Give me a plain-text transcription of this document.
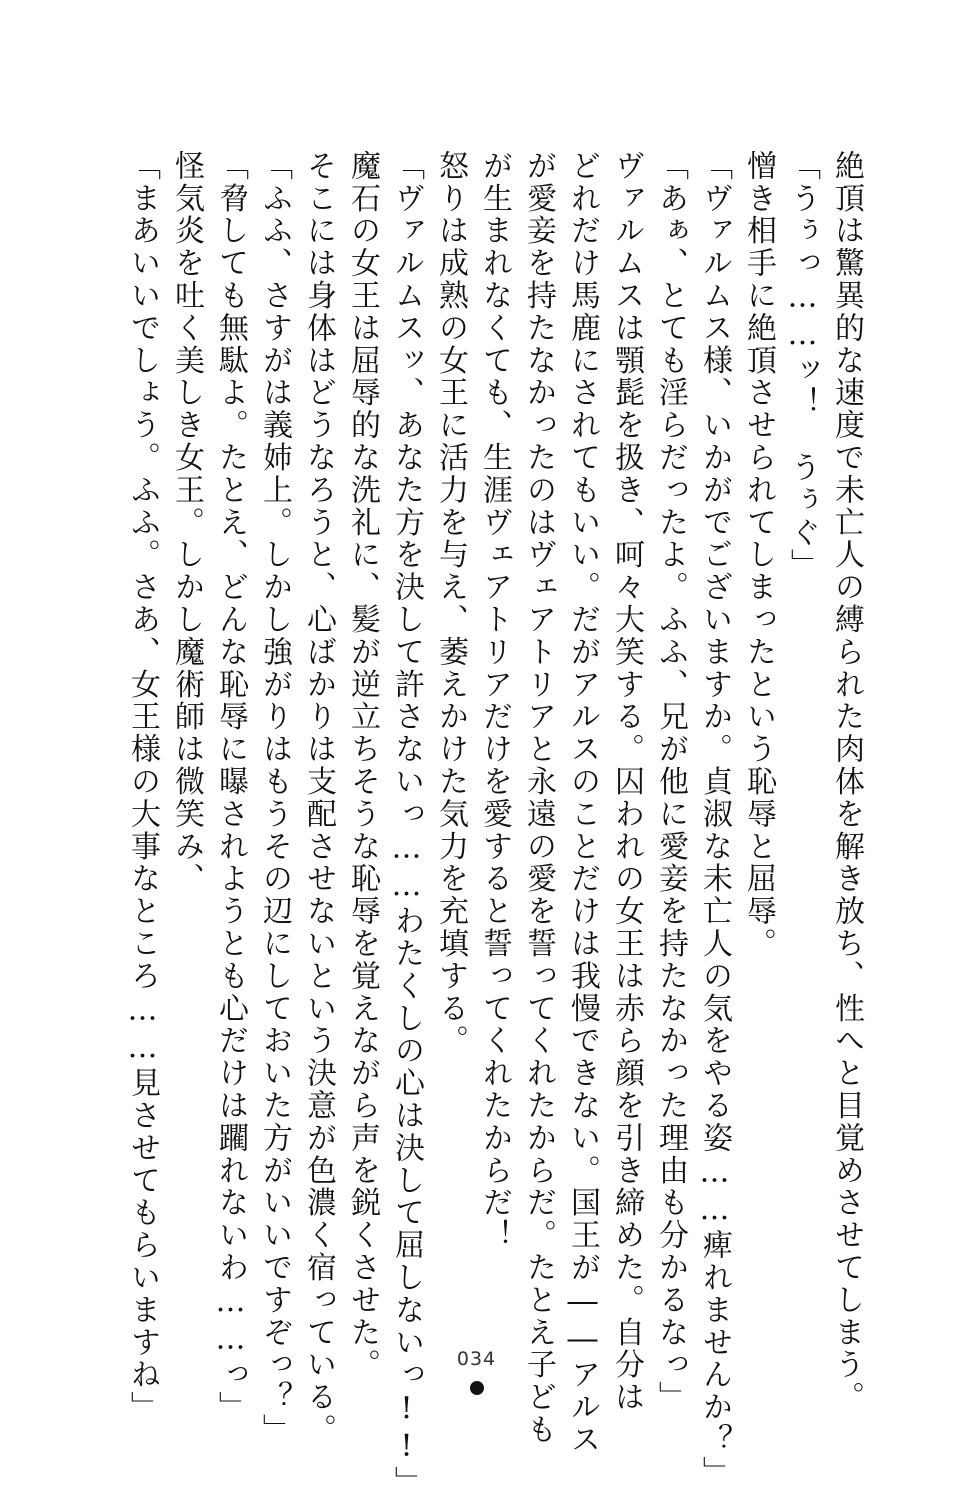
絶頂は驚異的な速度で未亡人の縛られた肉体を解き放ち、性へと目覚めさせてしまう。
「うぅっ……ッ！　うぅぐ」
憎き相手に絶頂させられてしまったという恥辱と屈辱。
「ヴァルムス様、いかがでございますか。貞淑な未亡人の気をやる姿……痺れませんか？」
「あぁ、とても淫らだったよ。ふふ、兄が他に愛妾を持たなかった理由も分かるなっ」
ヴァルムスは顎髭を扱き、呵々大笑する。囚われの女王は赤ら顔を引き締めた。自分は
どれだけ馬鹿にされてもいい。だがアルスのことだけは我慢できない。国王が――アルス
が愛妾を持たなかったのはヴェアトリアと永遠の愛を誓ってくれたからだ。たとえ子ども
が生まれなくても、生涯ヴェアトリアだけを愛すると誓ってくれたからだ！
怒りは成熟の女王に活力を与え、萎えかけた気力を充填する。
「ヴァルムスッ、あなた方を決して許さないっ……わたくしの心は決して屈しないっ!!」
魔石の女王は屈辱的な洗礼に、髪が逆立ちそうな恥辱を覚えながら声を鋭くさせた。
そこには身体はどうなろうと、心ばかりは支配させないという決意が色濃く宿っている。
「ふふ、さすがは義姉上。しかし強がりはもうその辺にしておいた方がいいですぞっ？」
「脅しても無駄よ。たとえ、どんな恥辱に曝されようとも心だけは躙れないわ……っ」
怪気炎を吐く美しき女王。しかし魔術師は微笑み、
「まあいいでしょう。ふふ。さあ、女王様の大事なところ……見させてもらいますね」	034
